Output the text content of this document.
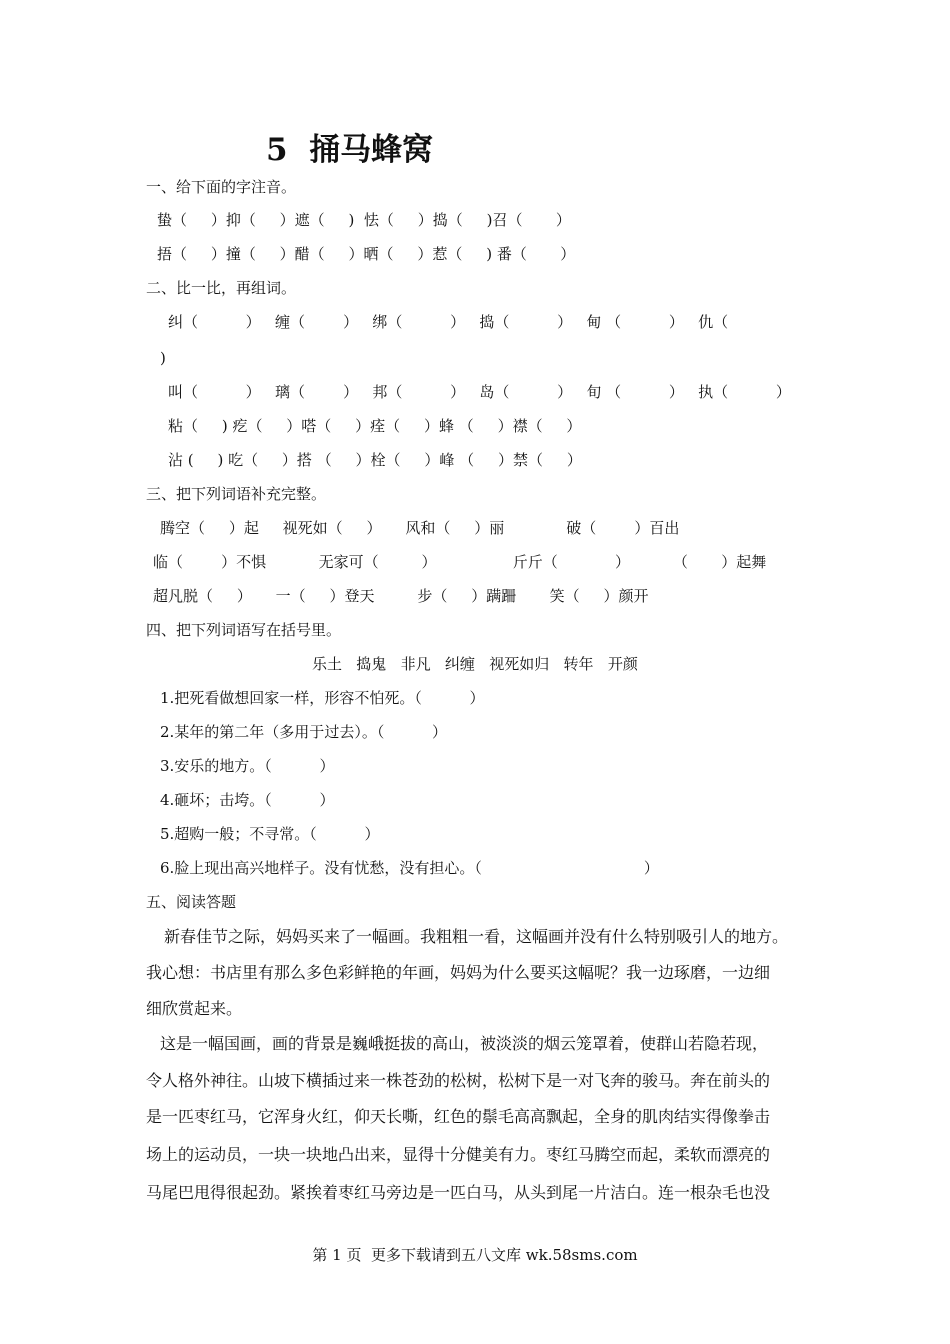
5  捅马蜂窝
一、给下面的字注音。
蛰（     ）抑（     ）遮（     )  怯（     ）捣（     )召（       ）
捂（     ）撞（     ）醋（     ）晒（     ）惹（     ) 番（       ）
二、比一比，再组词。
纠（          ）   缠（        ）   绑（          ）   捣（          ）   甸 （          ）   仇（
)
叫（          ）   璃（        ）   邦（          ）   岛（          ）   旬 （          ）   执（          ）
粘（     ) 疙（     ）嗒（     ）痊（     ）蜂 （     ）襟（     ）
沾 (     ) 吃（     ）搭 （     ）栓（     ）峰 （     ）禁（     ）
三、把下列词语补充完整。
腾空（     ）起     视死如（     ）     风和（     ）丽             破（        ）百出
临（        ）不惧           无家可（         ）                斤斤（            ）         （       ）起舞
超凡脱（     ）     一（     ）登天         步（     ）蹒跚       笑（     ）颜开
四、把下列词语写在括号里。
乐土   捣鬼   非凡   纠缠   视死如归   转年   开颜
1.把死看做想回家一样，形容不怕死。（          ）
2.某年的第二年（多用于过去）。（          ）
3.安乐的地方。（          ）
4.砸坏；击垮。（          ）
5.超购一般；不寻常。（          ）
6.脸上现出高兴地样子。没有忧愁，没有担心。（                                  ）
五、阅读答题
新春佳节之际，妈妈买来了一幅画。我粗粗一看，这幅画并没有什么特别吸引人的地方。
我心想：书店里有那么多色彩鲜艳的年画，妈妈为什么要买这幅呢？我一边琢磨，一边细
细欣赏起来。
这是一幅国画，画的背景是巍峨挺拔的高山，被淡淡的烟云笼罩着，使群山若隐若现，
令人格外神往。山坡下横插过来一株苍劲的松树，松树下是一对飞奔的骏马。奔在前头的
是一匹枣红马，它浑身火红，仰天长嘶，红色的鬃毛高高飘起，全身的肌肉结实得像拳击
场上的运动员，一块一块地凸出来，显得十分健美有力。枣红马腾空而起，柔软而漂亮的
马尾巴甩得很起劲。紧挨着枣红马旁边是一匹白马，从头到尾一片洁白。连一根杂毛也没
第 1 页  更多下载请到五八文库 wk.58sms.com
